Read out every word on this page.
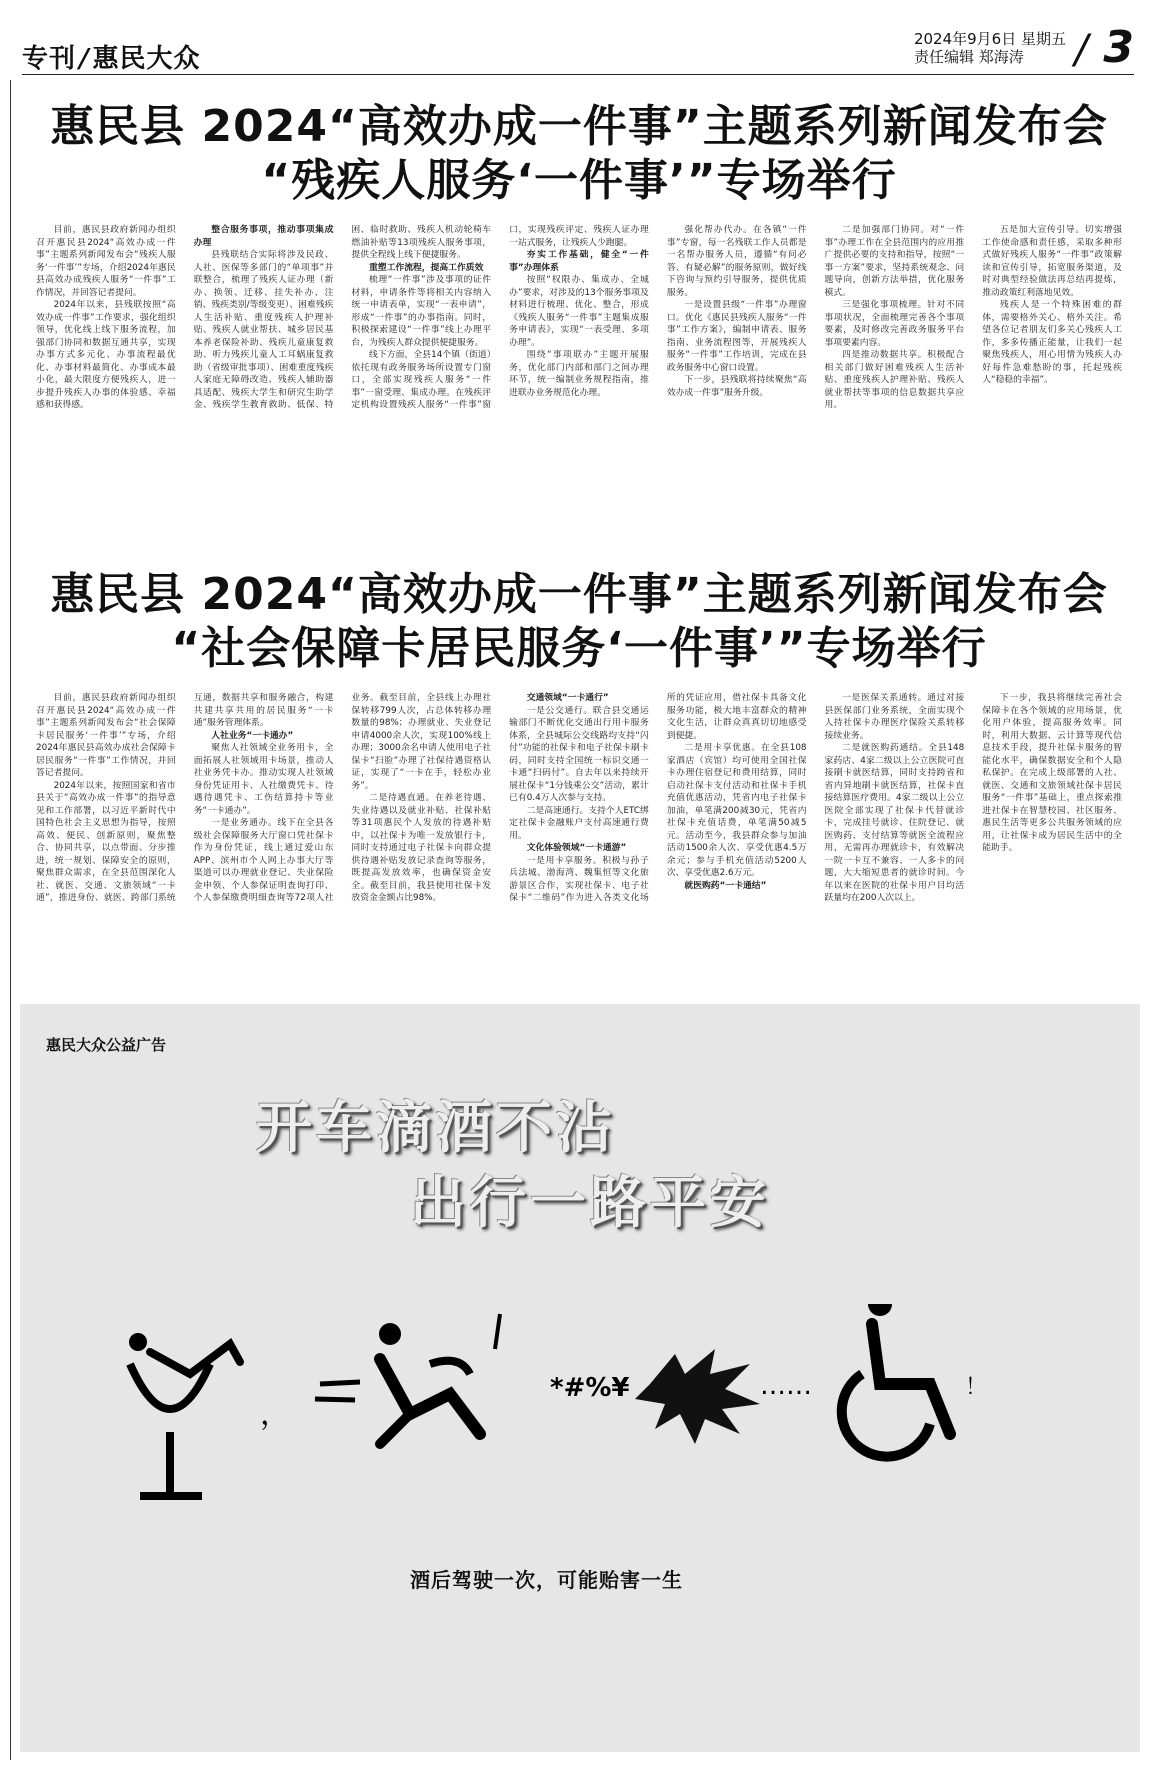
专刊/惠民大众
2024年9月6日 星期五
责任编辑 郑海涛	/ 3
惠民县 2024“高效办成一件事”主题系列新闻发布会
“残疾人服务‘一件事’”专场举行

目前，惠民县政府新闻办组织召开惠民县2024“高效办成一件事”主题系列新闻发布会“残疾人服务‘一件事’”专场，介绍2024年惠民县高效办成残疾人服务“一件事”工作情况，并回答记者提问。

2024年以来，县残联按照“高效办成一件事”工作要求，强化组织领导，优化线上线下服务流程，加强部门协同和数据互通共享，实现办事方式多元化、办事流程最优化、办事材料最简化、办事成本最小化，最大限度方便残疾人，进一步提升残疾人办事的体验感、幸福感和获得感。

整合服务事项，推动事项集成办理

县残联结合实际将涉及民政、人社、医保等多部门的“单项事”并联整合，梳理了残疾人证办理（新办、换领、迁移、挂失补办、注销、残疾类别/等级变更）、困难残疾人生活补贴、重度残疾人护理补贴、残疾人就业帮扶、城乡居民基本养老保险补助、残疾儿童康复救助、听力残疾儿童人工耳蜗康复救助（省级审批事项）、困难重度残疾人家庭无障碍改造、残疾人辅助器具适配、残疾大学生和研究生助学金、残疾学生教育救助、低保、特困、临时救助、残疾人机动轮椅车燃油补贴等13项残疾人服务事项，提供全程线上线下便捷服务。

重塑工作流程，提高工作质效

梳理“一件事”涉及事项的证件材料，申请条件等将相关内容纳入统一申请表单，实现“一表申请”，形成“一件事”的办事指南。同时，积极探索建设“一件事”线上办理平台，为残疾人群众提供便捷服务。

线下方面，全县14个镇（街道）依托现有政务服务场所设置专门窗口，全部实现残疾人服务“一件事”一窗受理、集成办理。在残疾评定机构设置残疾人服务“一件事”窗口，实现残疾评定、残疾人证办理一站式服务，让残疾人少跑腿。

夯实工作基础，健全“一件事”办理体系

按照“权限办、集成办、全城办”要求，对涉及的13个服务事项及材料进行梳理、优化、整合，形成《残疾人服务“一件事”主题集成服务申请表》，实现“一表受理、多项办理”。

围绕“事项联办”主题开展服务，优化部门内部和部门之间办理环节，统一编制业务规程指南，推进联办业务规范化办理。

强化帮办代办。在各镇“一件事”专窗，每一名残联工作人员都是一名帮办服务人员，遵循“有问必答、有疑必解”的服务原则，做好线下咨询与预约引导服务，提供优质服务。

一是设置县级“一件事”办理窗口。优化《惠民县残疾人服务“一件事”工作方案》，编制申请表、服务指南、业务流程图等，开展残疾人服务“一件事”工作培训，完成在县政务服务中心窗口设置。

下一步，县残联将持续聚焦“高效办成一件事”服务升级。

二是加强部门协同。对“一件事”办理工作在全县范围内的应用推广提供必要的支持和指导，按照“一事一方案”要求，坚持系统观念、问题导向，创新方法举措，优化服务模式。

三是强化事项梳理。针对不同事项状况，全面梳理完善各个事项要素，及时修改完善政务服务平台事项要素内容。

四是推动数据共享。积极配合相关部门做好困难残疾人生活补贴、重度残疾人护理补贴、残疾人就业帮扶等事项的信息数据共享应用。

五是加大宣传引导。切实增强工作使命感和责任感，采取多种形式做好残疾人服务“一件事”政策解读和宣传引导，拓宽服务渠道，及时对典型经验做法再总结再提炼，推动政策红利落地见效。

残疾人是一个特殊困难的群体，需要格外关心、格外关注。希望各位记者朋友们多关心残疾人工作，多多传播正能量，让我们一起聚焦残疾人，用心用情为残疾人办好每件急难愁盼的事，托起残疾人“稳稳的幸福”。

惠民县 2024“高效办成一件事”主题系列新闻发布会
“社会保障卡居民服务‘一件事’”专场举行

目前，惠民县政府新闻办组织召开惠民县2024“高效办成一件事”主题系列新闻发布会“社会保障卡居民服务‘一件事’”专场，介绍2024年惠民县高效办成社会保障卡居民服务“一件事”工作情况，并回答记者提问。

2024年以来，按照国家和省市县关于“高效办成一件事”的指导意见和工作部署，以习近平新时代中国特色社会主义思想为指导，按照高效、便民、创新原则，聚焦整合、协同共享，以点带面、分步推进，统一规划、保障安全的原则，聚焦群众需求，在全县范围深化人社、就医、交通、文旅领域“一卡通”，推进身份、就医、跨部门系统互通，数据共享和服务融合，构建共建共享共用的居民服务“一卡通”服务管理体系。

人社业务“一卡通办”

聚焦人社领域全业务用卡，全面拓展人社领域用卡场景，推动人社业务凭卡办。推动实现人社领域身份凭证用卡、人社缴费凭卡、待遇待遇凭卡、工伤结算持卡等业务“一卡通办”。

一是业务通办。线下在全县各级社会保障服务大厅窗口凭社保卡作为身份凭证，线上通过爱山东APP、滨州市个人网上办事大厅等渠道可以办理就业登记、失业保险金申领、个人参保证明查询打印、个人参保缴费明细查询等72项人社业务。截至目前，全县线上办理社保转移799人次，占总体转移办理数量的98%；办理就业、失业登记申请4000余人次，实现100%线上办理；3000余名申请人使用电子社保卡“扫脸”办理了社保待遇资格认证，实现了“一卡在手，轻松办业务”。

二是待遇直通。在养老待遇、失业待遇以及就业补贴、社保补贴等31项惠民个人发放的待遇补贴中，以社保卡为唯一发放银行卡，同时支持通过电子社保卡向群众提供待遇补贴发放记录查询等服务，既提高发放效率，也确保资金安全。截至目前，我县使用社保卡发放资金金额占比98%。

交通领域“一卡通行”

一是公交通行。联合县交通运输部门不断优化交通出行用卡服务体系，全县城际公交线路均支持“闪付”功能的社保卡和电子社保卡刷卡码，同时支持全国统一标识交通一卡通“扫码付”。自去年以来持续开展社保卡“1分钱乘公交”活动，累计已有0.4万人次参与支持。

二是高速通行。支持个人ETC绑定社保卡金融账户支付高速通行费用。

文化体验领域“一卡通游”

一是用卡享服务。积极与孙子兵法城、渤海湾、魏集恒等文化旅游景区合作，实现社保卡、电子社保卡“二维码”作为进入各类文化场所的凭证应用，借社保卡具备文化服务功能，极大地丰富群众的精神文化生活，让群众真真切切地感受到便捷。

二是用卡享优惠。在全县108家酒店（宾馆）均可使用全国社保卡办理住宿登记和费用结算，同时启动社保卡支付活动和社保卡手机充值优惠活动，凭省内电子社保卡加油，单笔满200减30元，凭省内社保卡充值话费，单笔满50减5元。活动至今，我县群众参与加油活动1500余人次、享受优惠4.5万余元；参与手机充值活动5200人次、享受优惠2.6万元。

就医购药“一卡通结”

一是医保关系通转。通过对接县医保部门业务系统，全面实现个人持社保卡办理医疗保险关系转移接续业务。

二是就医购药通结。全县148家药店、4家二级以上公立医院可直接刷卡就医结算，同时支持跨省和省内异地刷卡就医结算，社保卡直接结算医疗费用。4家二级以上公立医院全部实现了社保卡代替就诊卡，完成挂号就诊、住院登记、就医购药、支付结算等就医全流程应用，无需再办理就诊卡，有效解决一院一卡互不兼容、一人多卡的问题，大大缩短患者的就诊时间。今年以来在医院的社保卡用户目均活跃量均在200人次以上。

下一步，我县将继续完善社会保障卡在各个领域的应用场景，优化用户体验，提高服务效率。同时，利用大数据、云计算等现代信息技术手段，提升社保卡服务的智能化水平，确保数据安全和个人隐私保护。在完成上级部署的人社、就医、交通和文旅领域社保卡居民服务“一件事”基础上，重点探索推进社保卡在智慧校园、社区服务、惠民生活等更多公共服务领域的应用，让社保卡成为居民生活中的全能助手。

惠民大众公益广告
开车滴酒不沾
出行一路平安
，
*#%¥	……	！
酒后驾驶一次，可能贻害一生
